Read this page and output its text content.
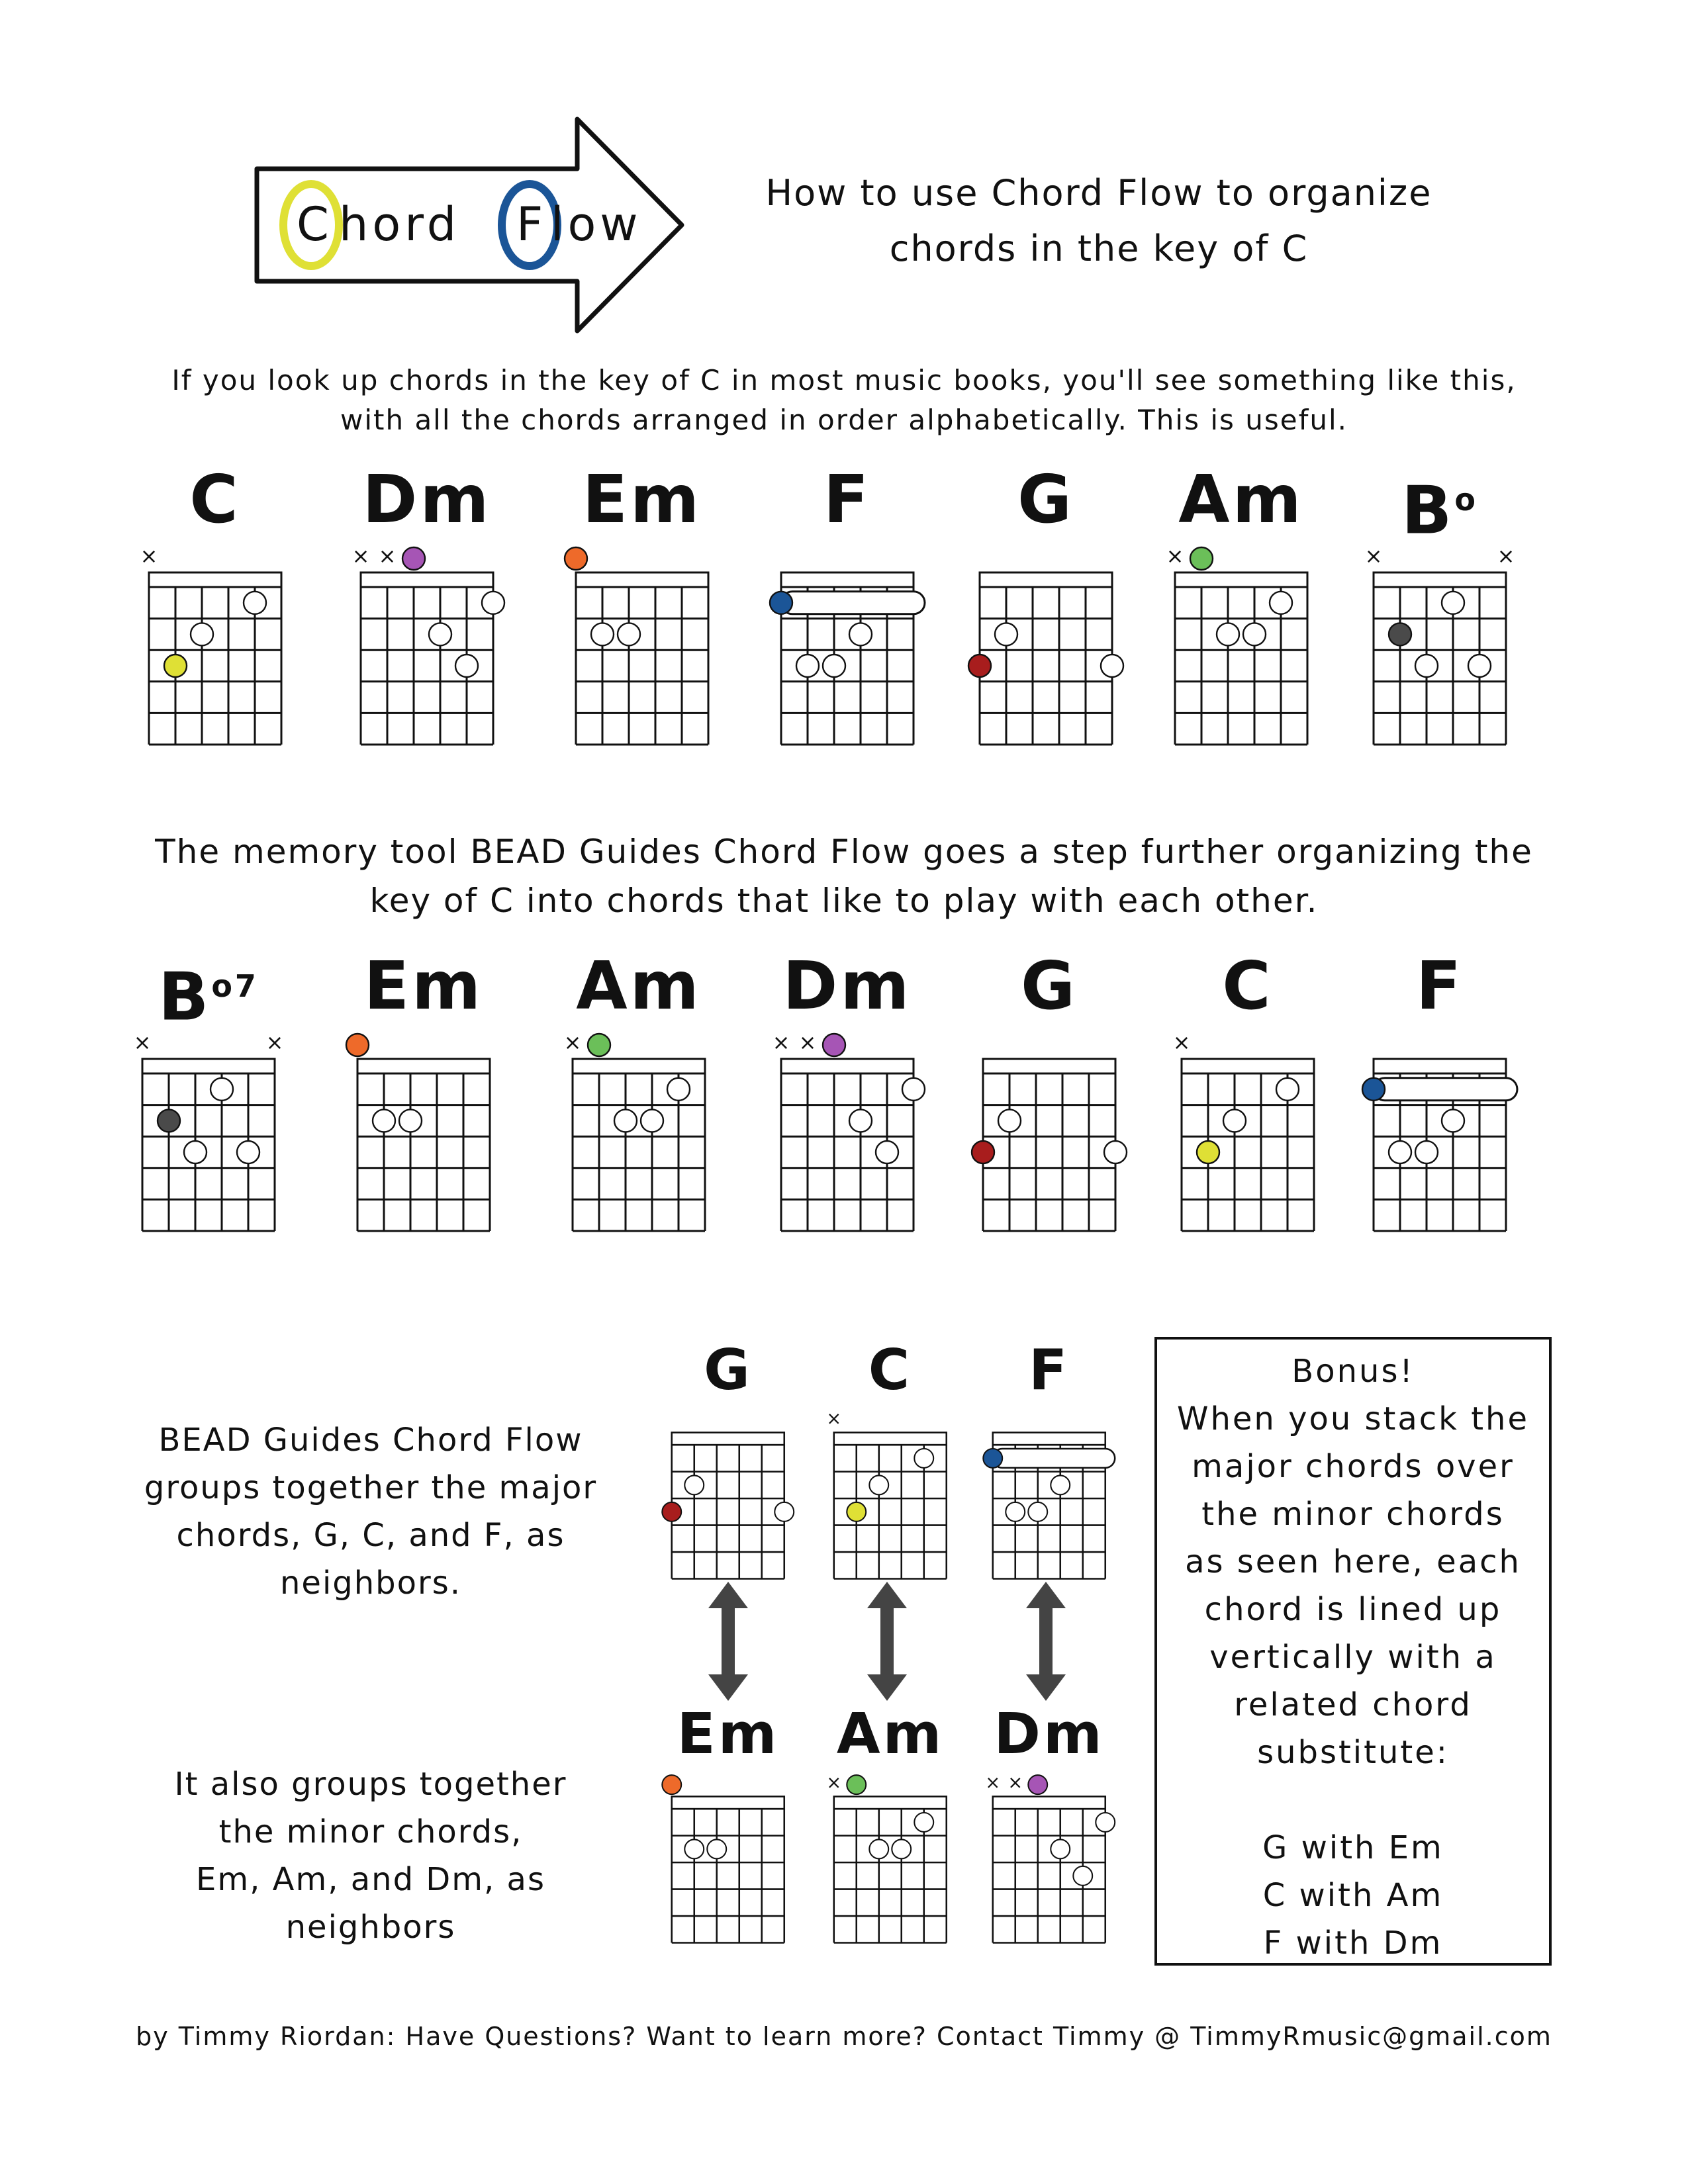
C hord F low
How to use Chord Flow to organize
chords in the key of C
If you look up chords in the key of C in most music books, you'll see something like this,
with all the chords arranged in order alphabetically. This is useful.
C
×
Dm
× ×
Em	F	G	Am
×
$B^o$
×	×
The memory tool BEAD Guides Chord Flow goes a step further organizing the
key of C into chords that like to play with each other.
$B^{o7}$
×	×
Em Am
×
Dm
× ×
G	C
×
F
BEAD Guides Chord Flow
groups together the major
chords, G, C, and F, as
neighbors.
It also groups together
the minor chords,
Em, Am, and Dm, as
neighbors
G	C
×
F
Em Am
×
Dm
× ×
Bonus!
When you stack the
major chords over
the minor chords
as seen here, each
chord is lined up
vertically with a
related chord
substitute:
G with Em
C with Am
F with Dm
by Timmy Riordan: Have Questions? Want to learn more? Contact Timmy @ TimmyRmusic@gmail.com
